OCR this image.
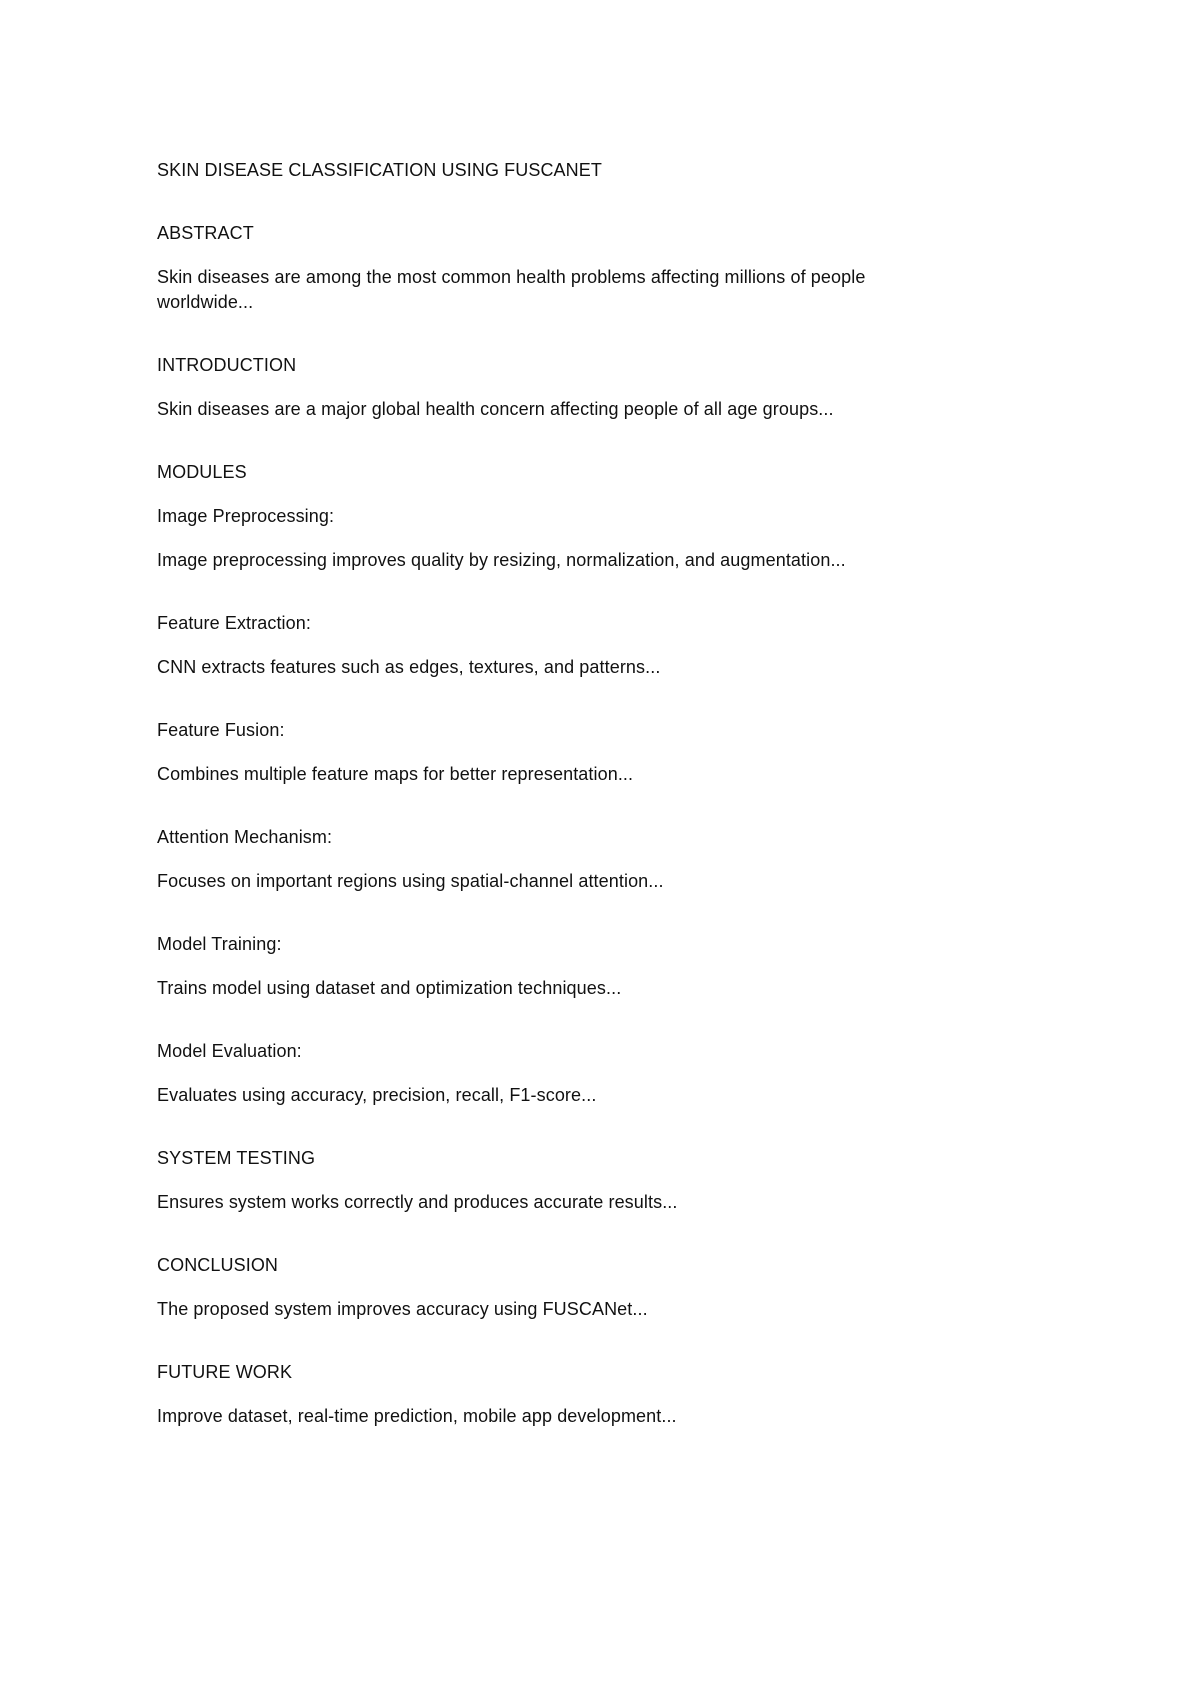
SKIN DISEASE CLASSIFICATION USING FUSCANET

ABSTRACT

Skin diseases are among the most common health problems affecting millions of people worldwide...

INTRODUCTION

Skin diseases are a major global health concern affecting people of all age groups...

MODULES

Image Preprocessing:

Image preprocessing improves quality by resizing, normalization, and augmentation...

Feature Extraction:

CNN extracts features such as edges, textures, and patterns...

Feature Fusion:

Combines multiple feature maps for better representation...

Attention Mechanism:

Focuses on important regions using spatial-channel attention...

Model Training:

Trains model using dataset and optimization techniques...

Model Evaluation:

Evaluates using accuracy, precision, recall, F1-score...

SYSTEM TESTING

Ensures system works correctly and produces accurate results...

CONCLUSION

The proposed system improves accuracy using FUSCANet...

FUTURE WORK

Improve dataset, real-time prediction, mobile app development...
